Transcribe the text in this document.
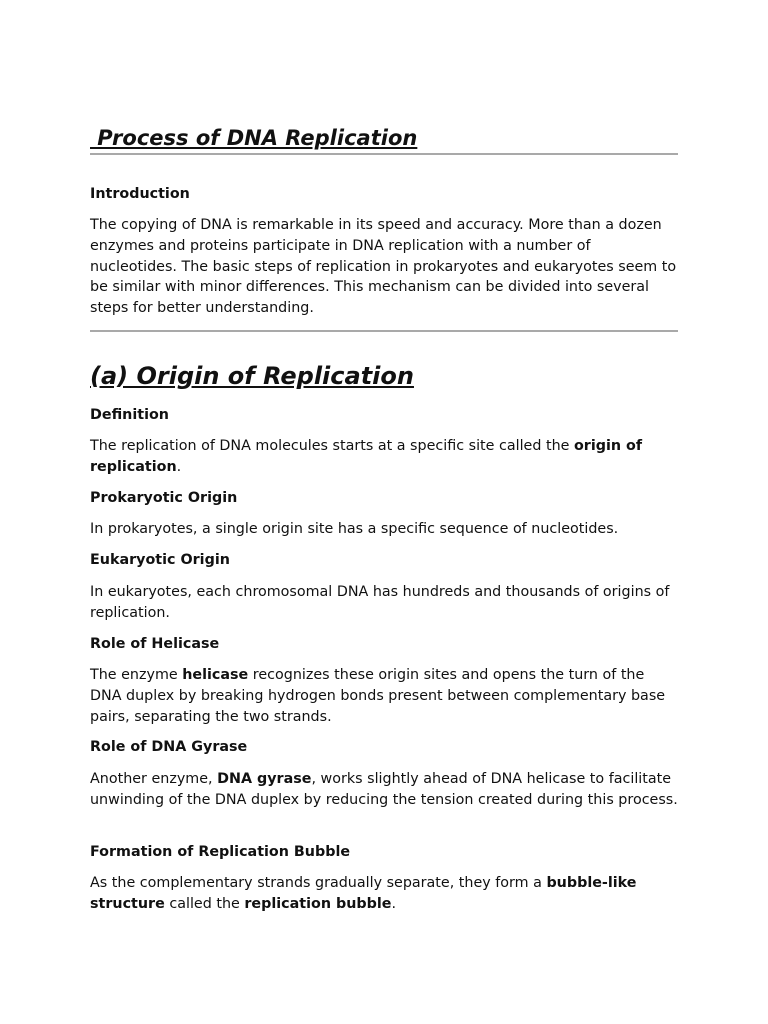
Process of DNA Replication
Introduction

The copying of DNA is remarkable in its speed and accuracy. More than a dozen enzymes and proteins participate in DNA replication with a number of nucleotides. The basic steps of replication in prokaryotes and eukaryotes seem to be similar with minor differences. This mechanism can be divided into several steps for better understanding.

(a) Origin of Replication
Definition

The replication of DNA molecules starts at a specific site called the origin of replication.

Prokaryotic Origin

In prokaryotes, a single origin site has a specific sequence of nucleotides.

Eukaryotic Origin

In eukaryotes, each chromosomal DNA has hundreds and thousands of origins of replication.

Role of Helicase

The enzyme helicase recognizes these origin sites and opens the turn of the DNA duplex by breaking hydrogen bonds present between complementary base pairs, separating the two strands.

Role of DNA Gyrase

Another enzyme, DNA gyrase, works slightly ahead of DNA helicase to facilitate unwinding of the DNA duplex by reducing the tension created during this process.

Formation of Replication Bubble

As the complementary strands gradually separate, they form a bubble-like structure called the replication bubble.
